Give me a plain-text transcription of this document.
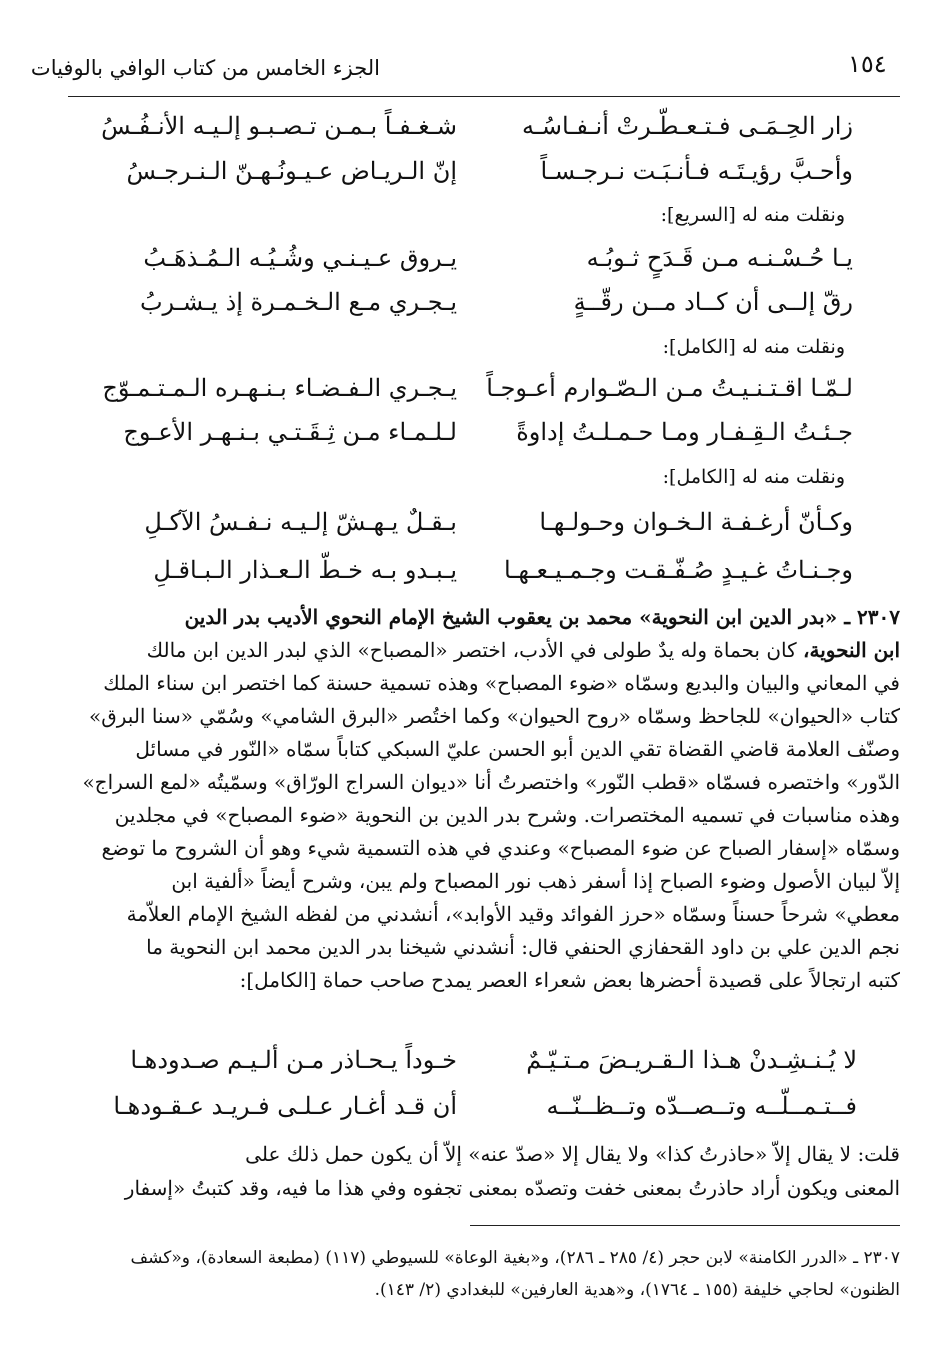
١٥٤
الجزء الخامس من كتاب الوافي بالوفيات
زار الحِـمَـى فـتـعـطّـرتْ أنـفـاسُـه
شـغـفـاً بـمـن تـصـبـو إلـيـه الأنـفُـسُ
وأحـبَّ رؤيـتَـه فـأنـبَـت نـرجـسـاً
إنّ الـريـاض عـيـونُـهـنّ الـنـرجـسُ
ونقلت منه له [السريع]:
يـا حُـسْـنـه مـن قَـدَحٍ ثـوبُـه
يـروق عـيـنـي وشُـيُـه الـمُـذهَـبُ
رقّ إلــى أن كــاد مــن رقّــةٍ
يـجـري مـع الـخـمـرة إذ يـشـربُ
ونقلت منه له [الكامل]:
لـمّـا اقـتـنـيـتُ مـن الـصّـوارم أعـوجـاً
يـجـري الـفـضـاء بـنـهـره الـمـتـمـوّج
جـئـتُ الـقِـفـار ومـا حـمـلـتُ إداوةً
لـلـمـاء مـن ثِـقَـتـي بـنـهـر الأعـوج
ونقلت منه له [الكامل]:
وكـأنّ أرغـفـة الـخـوان وحـولـهـا
بـقـلٌ يـهـشّ إلـيـه نـفـسُ الآكـلِ
وجـنـاتُ غـيـدٍ صُـفّـقـت وجـمـيـعـهـا
يـبـدو بـه خـطّ الـعـذار الـبـاقـلِ
٢٣٠٧ ـ «بدر الدين ابن النحوية» محمد بن يعقوب الشيخ الإمام النحوي الأديب بدر الدين
ابن النحوية، كان بحماة وله يدٌ طولى في الأدب، اختصر «المصباح» الذي لبدر الدين ابن مالك
في المعاني والبيان والبديع وسمّاه «ضوء المصباح» وهذه تسمية حسنة كما اختصر ابن سناء الملك
كتاب «الحيوان» للجاحظ وسمّاه «روح الحيوان» وكما اختُصر «البرق الشامي» وسُمّي «سنا البرق»
وصنّف العلامة قاضي القضاة تقي الدين أبو الحسن عليّ السبكي كتاباً سمّاه «النّور في مسائل
الدّور» واختصره فسمّاه «قطب النّور» واختصرتُ أنا «ديوان السراج الورّاق» وسمّيتُه «لمع السراج»
وهذه مناسبات في تسميه المختصرات. وشرح بدر الدين بن النحوية «ضوء المصباح» في مجلدين
وسمّاه «إسفار الصباح عن ضوء المصباح» وعندي في هذه التسمية شيء وهو أن الشروح ما توضع
إلاّ لبيان الأصول وضوء الصباح إذا أسفر ذهب نور المصباح ولم يبن، وشرح أيضاً «ألفية ابن
معطي» شرحاً حسناً وسمّاه «حرز الفوائد وقيد الأوابد»، أنشدني من لفظه الشيخ الإمام العلاّمة
نجم الدين علي بن داود القحفازي الحنفي قال: أنشدني شيخنا بدر الدين محمد ابن النحوية ما
كتبه ارتجالاً على قصيدة أحضرها بعض شعراء العصر يمدح صاحب حماة [الكامل]:
لا يُـنـشِـدنْ هـذا الـقـريـضَ مـتـيّـمٌ
خـوداً يـحـاذر مـن ألـيـم صـدودهـا
فــتـمــلّــه وتــصــدّه وتــظــنّــه
أن قـد أغـار عـلـى فـريـد عـقـودهـا
قلت: لا يقال إلاّ «حاذرتُ كذا» ولا يقال إلا «صدّ عنه» إلاّ أن يكون حمل ذلك على
المعنى ويكون أراد حاذرتُ بمعنى خفت وتصدّه بمعنى تجفوه وفي هذا ما فيه، وقد كتبتُ «إسفار
٢٣٠٧ ـ «الدرر الكامنة» لابن حجر (٤/ ٢٨٥ ـ ٢٨٦)، و«بغية الوعاة» للسيوطي (١١٧) (مطبعة السعادة)، و«كشف
الظنون» لحاجي خليفة (١٥٥ ـ ١٧٦٤)، و«هدية العارفين» للبغدادي (٢/ ١٤٣).
